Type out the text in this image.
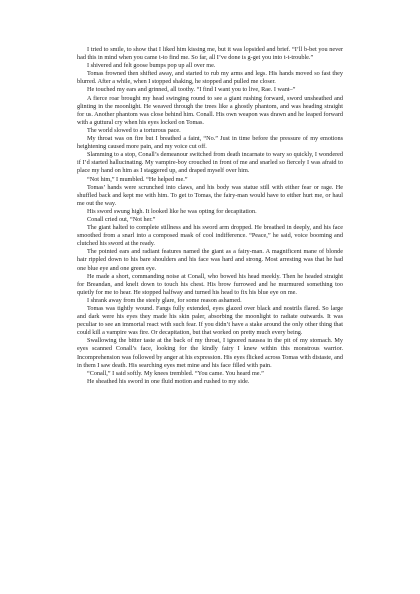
I tried to smile, to show that I liked him kissing me, but it was lopsided and brief. “I’ll b-bet you never had this in mind when you came t-to find me. So far, all I’ve done is g-get you into t-t-trouble.”

I shivered and felt goose bumps pop up all over me.

Tomas frowned then shifted away, and started to rub my arms and legs. His hands moved so fast they blurred. After a while, when I stopped shaking, he stopped and pulled me closer.

He touched my ears and grinned, all toothy. “I find I want you to live, Rae. I want–”

A fierce roar brought my head swinging round to see a giant rushing forward, sword unsheathed and glinting in the moonlight. He weaved through the trees like a ghostly phantom, and was heading straight for us. Another phantom was close behind him. Conall. His own weapon was drawn and he leaped forward with a guttural cry when his eyes locked on Tomas.

The world slowed to a torturous pace.

My throat was on fire but I breathed a faint, “No.” Just in time before the pressure of my emotions heightening caused more pain, and my voice cut off.

Slamming to a stop, Conall’s demeanour switched from death incarnate to wary so quickly, I wondered if I’d started hallucinating. My vampire-boy crouched in front of me and snarled so fiercely I was afraid to place my hand on him as I staggered up, and draped myself over him.

“Not him,” I mumbled. “He helped me.”

Tomas’ hands were scrunched into claws, and his body was statue still with either fear or rage. He shuffled back and kept me with him. To get to Tomas, the fairy-man would have to either hurt me, or haul me out the way.

His sword swung high. It looked like he was opting for decapitation.

Conall cried out, “Not her.”

The giant halted to complete stillness and his sword arm dropped. He breathed in deeply, and his face smoothed from a snarl into a composed mask of cool indifference. “Peace,” he said, voice booming and clutched his sword at the ready.

The pointed ears and radiant features named the giant as a fairy-man. A magnificent mane of blonde hair rippled down to his bare shoulders and his face was hard and strong. Most arresting was that he had one blue eye and one green eye.

He made a short, commanding noise at Conall, who bowed his head meekly. Then he headed straight for Breandan, and knelt down to touch his chest. His brow furrowed and he murmured something too quietly for me to hear. He stopped halfway and turned his head to fix his blue eye on me.

I shrank away from the steely glare, for some reason ashamed.

Tomas was tightly wound. Fangs fully extended, eyes glazed over black and nostrils flared. So large and dark were his eyes they made his skin paler, absorbing the moonlight to radiate outwards. It was peculiar to see an immortal react with such fear. If you didn’t have a stake around the only other thing that could kill a vampire was fire. Or decapitation, but that worked on pretty much every being.

Swallowing the bitter taste at the back of my throat, I ignored nausea in the pit of my stomach. My eyes scanned Conall’s face, looking for the kindly fairy I knew within this monstrous warrior. Incomprehension was followed by anger at his expression. His eyes flicked across Tomas with distaste, and in them I saw death. His searching eyes met mine and his face filled with pain.

“Conall,” I said softly. My knees trembled. “You came. You heard me.”

He sheathed his sword in one fluid motion and rushed to my side.
